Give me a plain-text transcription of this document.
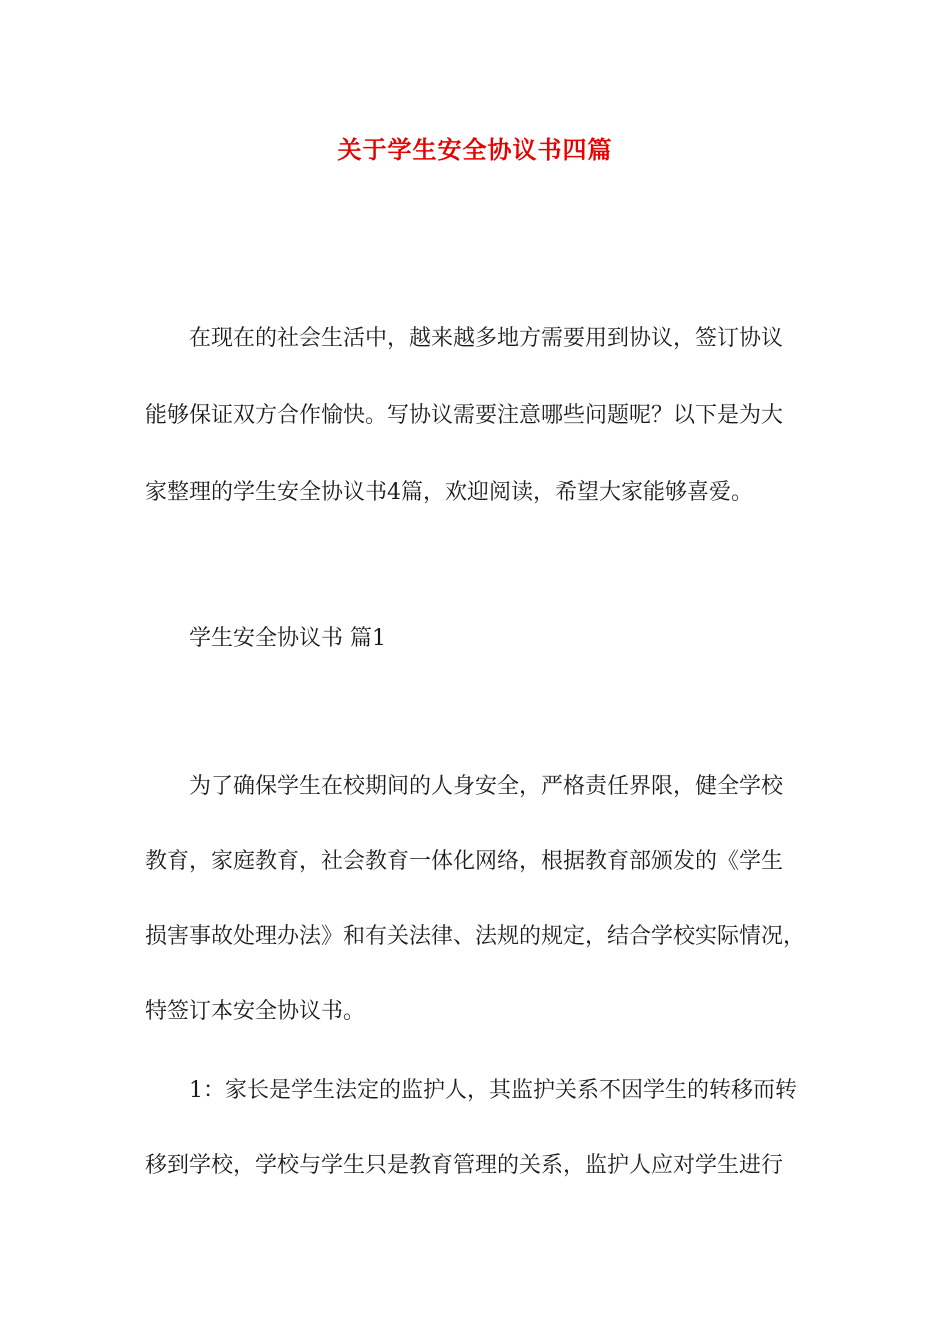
关于学生安全协议书四篇

在现在的社会生活中，越来越多地方需要用到协议，签订协议
能够保证双方合作愉快。写协议需要注意哪些问题呢？以下是为大
家整理的学生安全协议书4篇，欢迎阅读，希望大家能够喜爱。

学生安全协议书 篇1

为了确保学生在校期间的人身安全，严格责任界限，健全学校
教育，家庭教育，社会教育一体化网络，根据教育部颁发的《学生
损害事故处理办法》和有关法律、法规的规定，结合学校实际情况，
特签订本安全协议书。

1：家长是学生法定的监护人，其监护关系不因学生的转移而转
移到学校，学校与学生只是教育管理的关系，监护人应对学生进行
